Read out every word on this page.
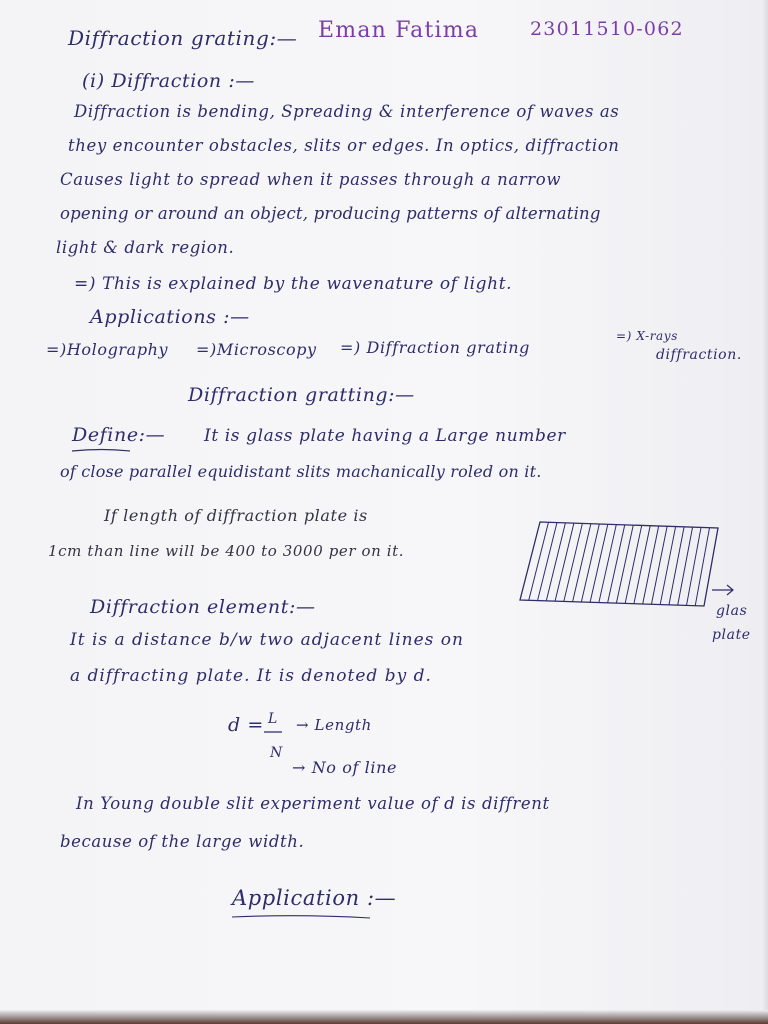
Diffraction grating:— Eman Fatima	23011510-062
(i) Diffraction :—
Diffraction is bending, Spreading & interference of waves as
they encounter obstacles, slits or edges. In optics, diffraction
Causes light to spread when it passes through a narrow
opening or around an object, producing patterns of alternating
light & dark region.
=) This is explained by the wavenature of light.
Applications :—
=)Holography =)Microscopy =) Diffraction grating
=) X-rays
diffraction.
Diffraction gratting:—
Define:— It is glass plate having a Large number
of close parallel equidistant slits machanically roled on it.
If length of diffraction plate is
1cm than line will be 400 to 3000 per on it.
glas
plate
Diffraction element:—
It is a distance b/w two adjacent lines on
a diffracting plate. It is denoted by d.
d = L
N
→ Length
→ No of line
In Young double slit experiment value of d is diffrent
because of the large width.
Application :—
